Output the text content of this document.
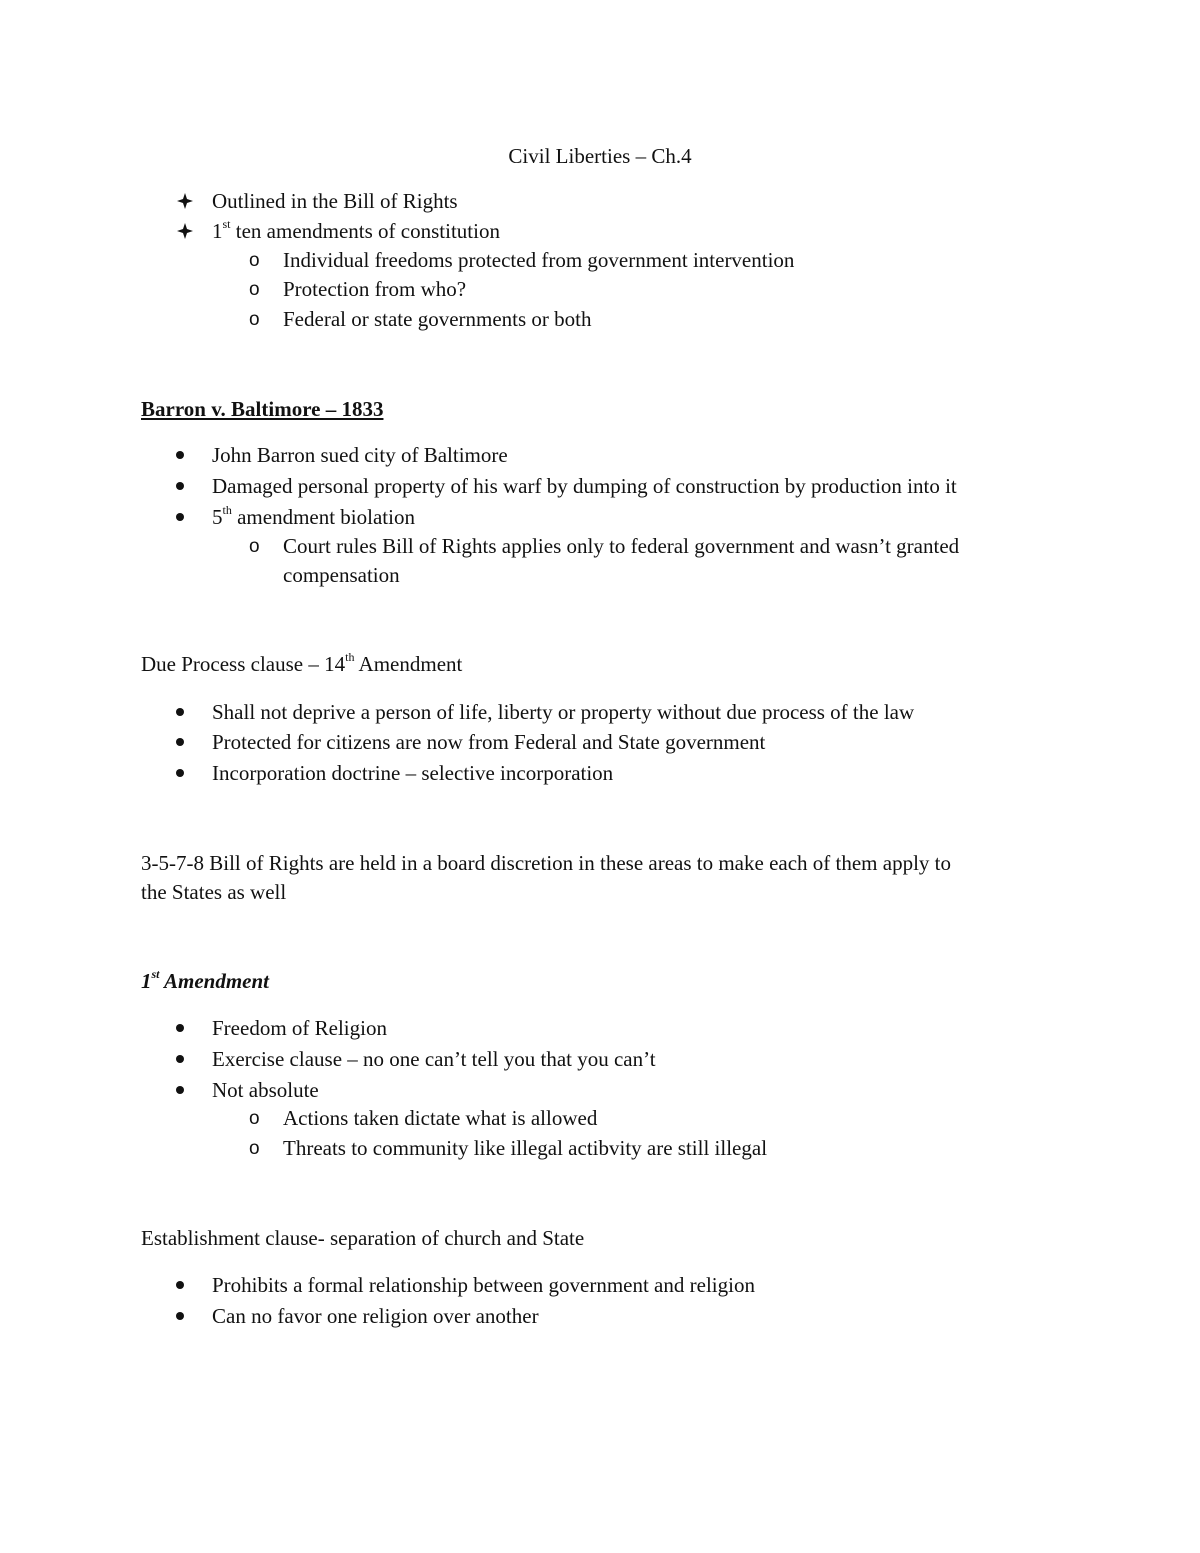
Civil Liberties – Ch.4
Outlined in the Bill of Rights
1st ten amendments of constitution
o Individual freedoms protected from government intervention
o Protection from who?
o Federal or state governments or both
Barron v. Baltimore – 1833
John Barron sued city of Baltimore
Damaged personal property of his warf by dumping of construction by production into it
5th amendment biolation
o Court rules Bill of Rights applies only to federal government and wasn’t granted
compensation
Due Process clause – 14th Amendment
Shall not deprive a person of life, liberty or property without due process of the law
Protected for citizens are now from Federal and State government
Incorporation doctrine – selective incorporation
3-5-7-8 Bill of Rights are held in a board discretion in these areas to make each of them apply to
the States as well
1st Amendment
Freedom of Religion
Exercise clause – no one can’t tell you that you can’t
Not absolute
o Actions taken dictate what is allowed
o Threats to community like illegal actibvity are still illegal
Establishment clause- separation of church and State
Prohibits a formal relationship between government and religion
Can no favor one religion over another
